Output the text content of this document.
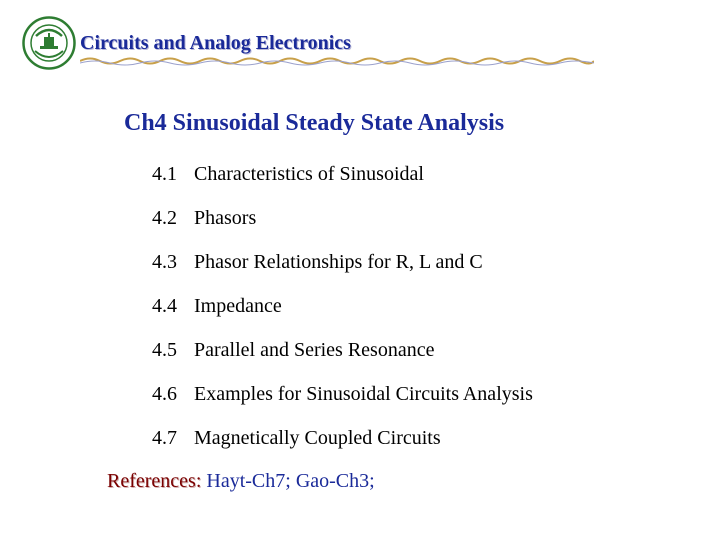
Circuits and Analog Electronics
Ch4 Sinusoidal Steady State Analysis
4.1 Characteristics of Sinusoidal
4.2 Phasors
4.3 Phasor Relationships for R, L and C
4.4 Impedance
4.5 Parallel and Series Resonance
4.6 Examples for Sinusoidal Circuits Analysis
4.7 Magnetically Coupled Circuits
References: Hayt-Ch7; Gao-Ch3;
